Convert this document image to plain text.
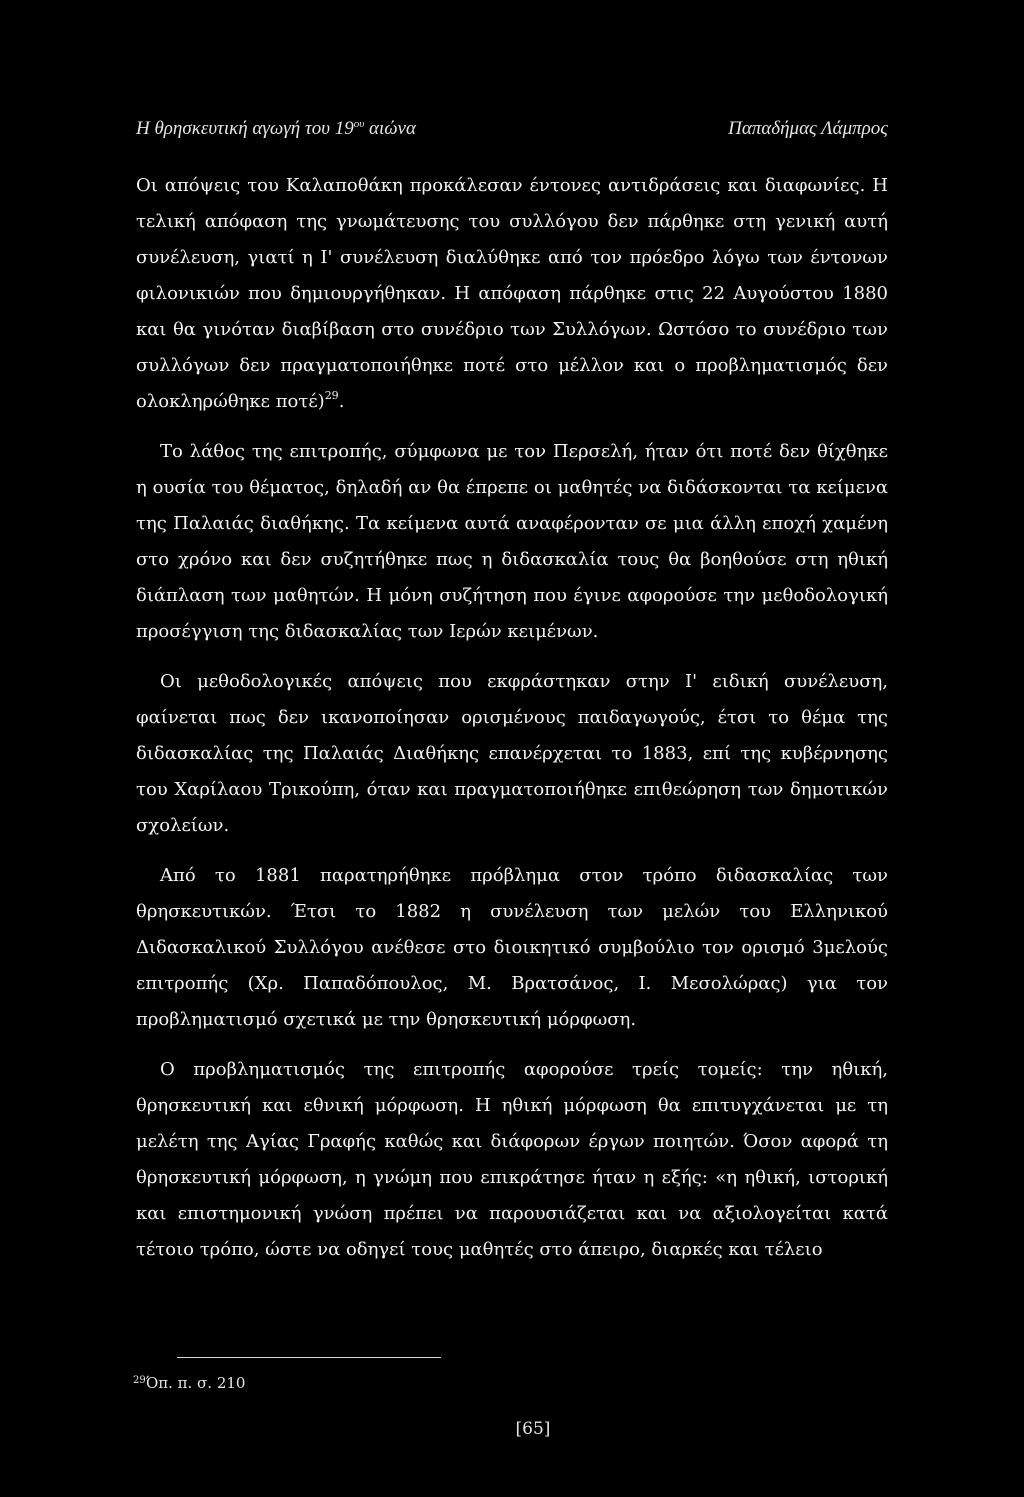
Η θρησκευτική αγωγή του $19^{o\upsilon}$ αιώνα	Παπαδήμας Λάμπρος

Οι απόψεις του Καλαποθάκη προκάλεσαν έντονες αντιδράσεις και διαφωνίες. Η τελική απόφαση της γνωμάτευσης του συλλόγου δεν πάρθηκε στη γενική αυτή συνέλευση, γιατί η Ι' συνέλευση διαλύθηκε από τον πρόεδρο λόγω των έντονων φιλονικιών που δημιουργήθηκαν. Η απόφαση πάρθηκε στις 22 Αυγούστου 1880 και θα γινόταν διαβίβαση στο συνέδριο των Συλλόγων. Ωστόσο το συνέδριο των συλλόγων δεν πραγματοποιήθηκε ποτέ στο μέλλον και ο προβληματισμός δεν ολοκληρώθηκε ποτέ)$^{29}$.

Το λάθος της επιτροπής, σύμφωνα με τον Περσελή, ήταν ότι ποτέ δεν θίχθηκε η ουσία του θέματος, δηλαδή αν θα έπρεπε οι μαθητές να διδάσκονται τα κείμενα της Παλαιάς διαθήκης. Τα κείμενα αυτά αναφέρονταν σε μια άλλη εποχή χαμένη στο χρόνο και δεν συζητήθηκε πως η διδασκαλία τους θα βοηθούσε στη ηθική διάπλαση των μαθητών. Η μόνη συζήτηση που έγινε αφορούσε την μεθοδολογική προσέγγιση της διδασκαλίας των Ιερών κειμένων.

Οι μεθοδολογικές απόψεις που εκφράστηκαν στην Ι' ειδική συνέλευση, φαίνεται πως δεν ικανοποίησαν ορισμένους παιδαγωγούς, έτσι το θέμα της διδασκαλίας της Παλαιάς Διαθήκης επανέρχεται το 1883, επί της κυβέρνησης του Χαρίλαου Τρικούπη, όταν και πραγματοποιήθηκε επιθεώρηση των δημοτικών σχολείων.

Από το 1881 παρατηρήθηκε πρόβλημα στον τρόπο διδασκαλίας των θρησκευτικών. Έτσι το 1882 η συνέλευση των μελών του Ελληνικού Διδασκαλικού Συλλόγου ανέθεσε στο διοικητικό συμβούλιο τον ορισμό 3μελούς επιτροπής (Χρ. Παπαδόπουλος, Μ. Βρατσάνος, Ι. Μεσολώρας) για τον προβληματισμό σχετικά με την θρησκευτική μόρφωση.

Ο προβληματισμός της επιτροπής αφορούσε τρείς τομείς: την ηθική, θρησκευτική και εθνική μόρφωση. Η ηθική μόρφωση θα επιτυγχάνεται με τη μελέτη της Αγίας Γραφής καθώς και διάφορων έργων ποιητών. Όσον αφορά τη θρησκευτική μόρφωση, η γνώμη που επικράτησε ήταν η εξής: «η ηθική, ιστορική και επιστημονική γνώση πρέπει να παρουσιάζεται και να αξιολογείται κατά τέτοιο τρόπο, ώστε να οδηγεί τους μαθητές στο άπειρο, διαρκές και τέλειο

$^{29}$Όπ. π. σ. 210
[65]
